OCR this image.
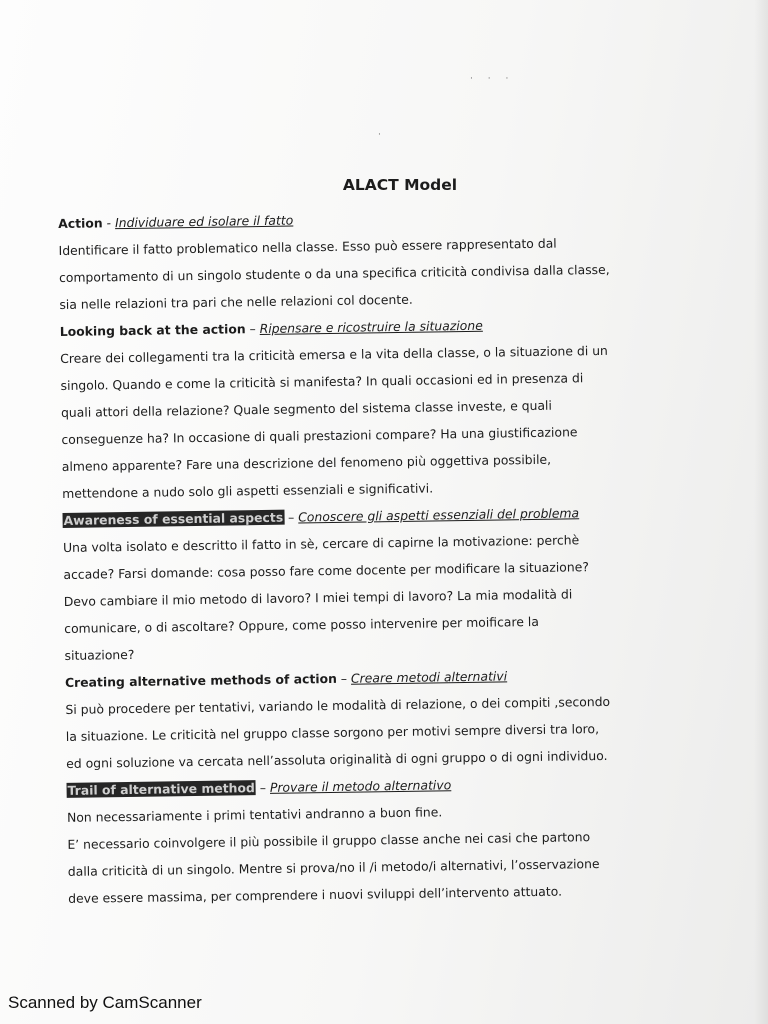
· · ·
·
ALACT Model
Action - Individuare ed isolare il fatto
Identificare il fatto problematico nella classe. Esso può essere rappresentato dal
comportamento di un singolo studente o da una specifica criticità condivisa dalla classe,
sia nelle relazioni tra pari che nelle relazioni col docente.
Looking back at the action – Ripensare e ricostruire la situazione
Creare dei collegamenti tra la criticità emersa e la vita della classe, o la situazione di un
singolo. Quando e come la criticità si manifesta? In quali occasioni ed in presenza di
quali attori della relazione? Quale segmento del sistema classe investe, e quali
conseguenze ha? In occasione di quali prestazioni compare? Ha una giustificazione
almeno apparente? Fare una descrizione del fenomeno più oggettiva possibile,
mettendone a nudo solo gli aspetti essenziali e significativi.
Awareness of essential aspects – Conoscere gli aspetti essenziali del problema
Una volta isolato e descritto il fatto in sè, cercare di capirne la motivazione: perchè
accade? Farsi domande: cosa posso fare come docente per modificare la situazione?
Devo cambiare il mio metodo di lavoro? I miei tempi di lavoro? La mia modalità di
comunicare, o di ascoltare? Oppure, come posso intervenire per moificare la
situazione?
Creating alternative methods of action – Creare metodi alternativi
Si può procedere per tentativi, variando le modalità di relazione, o dei compiti ,secondo
la situazione. Le criticità nel gruppo classe sorgono per motivi sempre diversi tra loro,
ed ogni soluzione va cercata nell’assoluta originalità di ogni gruppo o di ogni individuo.
Trail of alternative method – Provare il metodo alternativo
Non necessariamente i primi tentativi andranno a buon fine.
E’ necessario coinvolgere il più possibile il gruppo classe anche nei casi che partono
dalla criticità di un singolo. Mentre si prova/no il /i metodo/i alternativi, l’osservazione
deve essere massima, per comprendere i nuovi sviluppi dell’intervento attuato.
Scanned by CamScanner
